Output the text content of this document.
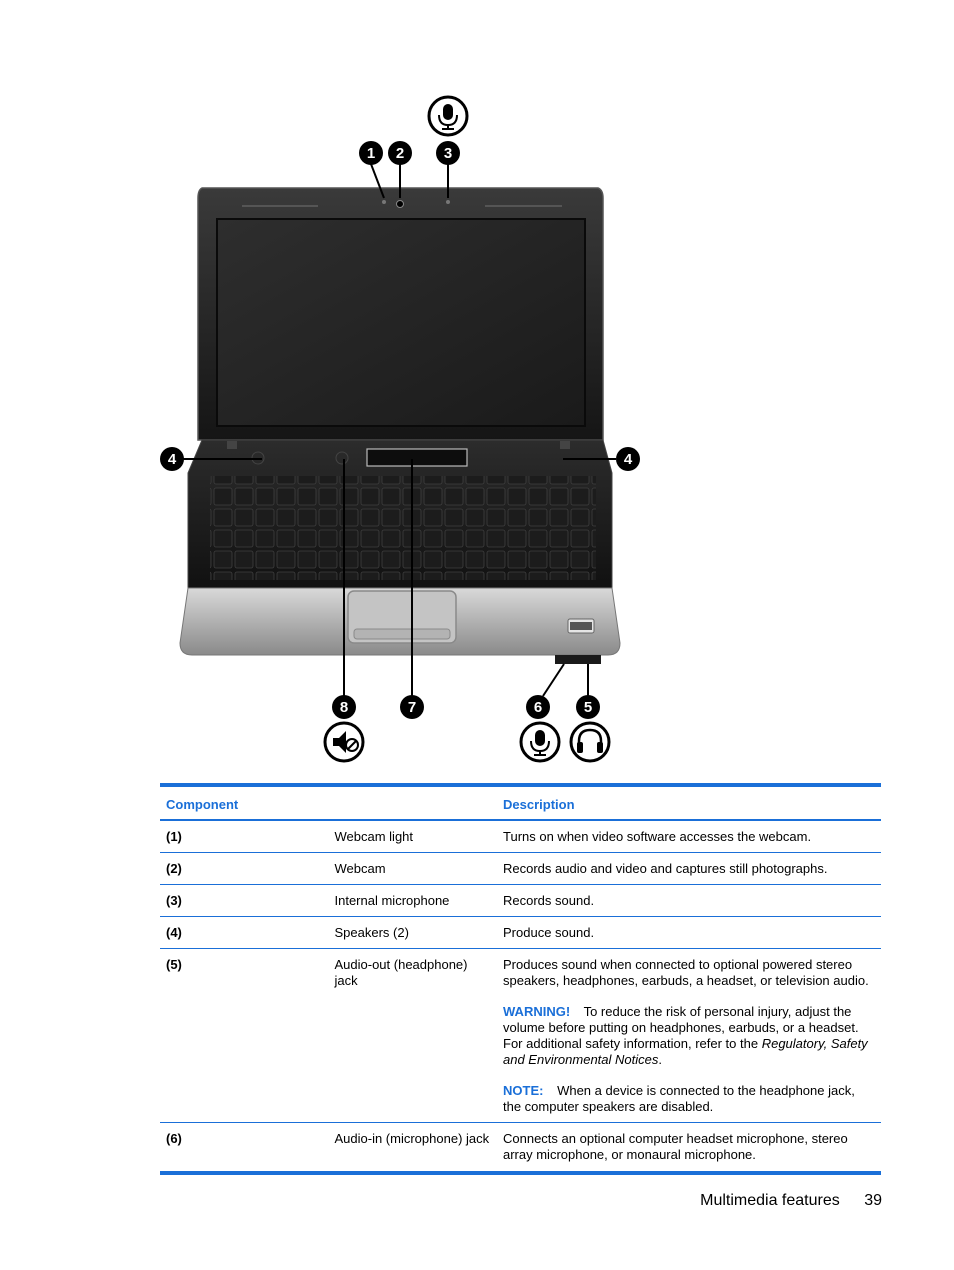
1 2	3
4	4
8	7	6	5
Component		Description
(1)	Webcam light	Turns on when video software accesses the webcam.
(2)	Webcam	Records audio and video and captures still photographs.
(3)	Internal microphone	Records sound.
(4)	Speakers (2)	Produce sound.
(5)	Audio-out (headphone) jack	Produces sound when connected to optional powered stereo speakers, headphones, earbuds, a headset, or television audio.
WARNING! To reduce the risk of personal injury, adjust the volume before putting on headphones, earbuds, or a headset. For additional safety information, refer to the Regulatory, Safety and Environmental Notices.
NOTE: When a device is connected to the headphone jack, the computer speakers are disabled.

(6)	Audio-in (microphone) jack	Connects an optional computer headset microphone, stereo array microphone, or monaural microphone.
Multimedia features 39
